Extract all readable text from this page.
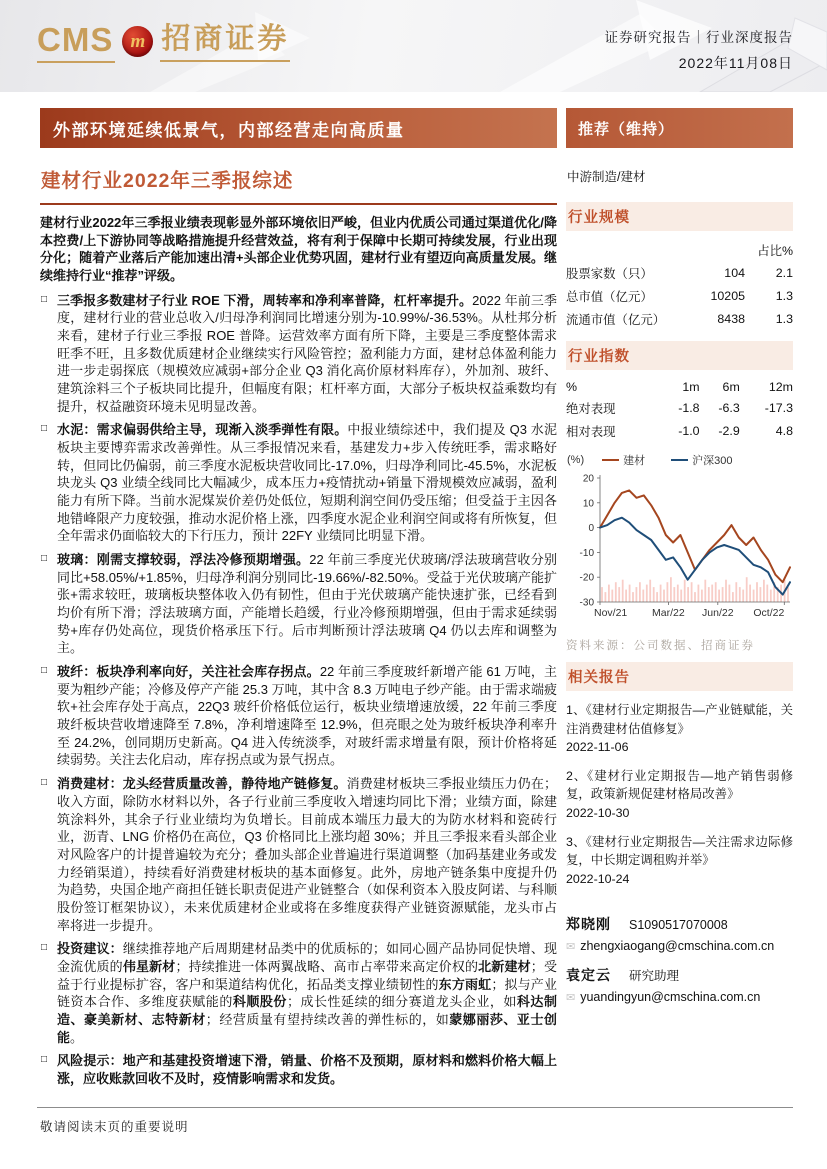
CMS m 招商证券	证券研究报告｜行业深度报告
2022年11月08日
外部环境延续低景气，内部经营走向高质量
建材行业2022年三季报综述

建材行业2022年三季报业绩表现彰显外部环境依旧严峻，但业内优质公司通过渠道优化/降本控费/上下游协同等战略措施提升经营效益，将有利于保障中长期可持续发展，行业出现分化；随着产业落后产能加速出清+头部企业优势巩固，建材行业有望迈向高质量发展。继续维持行业“推荐”评级。

□ 三季报多数建材子行业 ROE 下滑，周转率和净利率普降，杠杆率提升。2022 年前三季度，建材行业的营业总收入/归母净利润同比增速分别为-10.99%/-36.53%。从杜邦分析来看，建材子行业三季报 ROE 普降。运营效率方面有所下降，主要是三季度整体需求旺季不旺，且多数优质建材企业继续实行风险管控；盈利能力方面，建材总体盈利能力进一步走弱探底（规模效应减弱+部分企业 Q3 消化高价原材料库存），外加剂、玻纤、建筑涂料三个子板块同比提升，但幅度有限；杠杆率方面，大部分子板块权益乘数均有提升，权益融资环境未见明显改善。
□ 水泥：需求偏弱供给主导，现渐入淡季弹性有限。中报业绩综述中，我们提及 Q3 水泥板块主要博弈需求改善弹性。从三季报情况来看，基建发力+步入传统旺季，需求略好转，但同比仍偏弱，前三季度水泥板块营收同比-17.0%，归母净利同比-45.5%，水泥板块龙头 Q3 业绩全线同比大幅减少，成本压力+疫情扰动+销量下滑规模效应减弱，盈利能力有所下降。当前水泥煤炭价差仍处低位，短期利润空间仍受压缩；但受益于主因各地错峰限产力度较强，推动水泥价格上涨，四季度水泥企业利润空间或将有所恢复，但全年需求仍面临较大的下行压力，预计 22FY 业绩同比明显下滑。
□ 玻璃：刚需支撑较弱，浮法冷修预期增强。22 年前三季度光伏玻璃/浮法玻璃营收分别同比+58.05%/+1.85%，归母净利润分别同比-19.66%/-82.50%。受益于光伏玻璃产能扩张+需求较旺，玻璃板块整体收入仍有韧性，但由于光伏玻璃产能快速扩张，已经看到均价有所下滑；浮法玻璃方面，产能增长趋缓，行业冷修预期增强，但由于需求延续弱势+库存仍处高位，现货价格承压下行。后市判断预计浮法玻璃 Q4 仍以去库和调整为主。
□ 玻纤：板块净利率向好，关注社会库存拐点。22 年前三季度玻纤新增产能 61 万吨，主要为粗纱产能；冷修及停产产能 25.3 万吨，其中含 8.3 万吨电子纱产能。由于需求端疲软+社会库存处于高点，22Q3 玻纤价格低位运行，板块业绩增速放缓，22 年前三季度玻纤板块营收增速降至 7.8%，净利增速降至 12.9%，但亮眼之处为玻纤板块净利率升至 24.2%，创同期历史新高。Q4 进入传统淡季，对玻纤需求增量有限，预计价格将延续弱势。关注去化启动，库存拐点或为景气拐点。
□ 消费建材：龙头经营质量改善，静待地产链修复。消费建材板块三季报业绩压力仍在；收入方面，除防水材料以外，各子行业前三季度收入增速均同比下滑；业绩方面，除建筑涂料外，其余子行业业绩均为负增长。目前成本端压力最大的为防水材料和瓷砖行业，沥青、LNG 价格仍在高位，Q3 价格同比上涨均超 30%；并且三季报来看头部企业对风险客户的计提普遍较为充分；叠加头部企业普遍进行渠道调整（加码基建业务或发力经销渠道），持续看好消费建材板块的基本面修复。此外，房地产链条集中度提升仍为趋势，央国企地产商担任链长职责促进产业链整合（如保利资本入股皮阿诺、与科顺股份签订框架协议），未来优质建材企业或将在多维度获得产业链资源赋能，龙头市占率将进一步提升。
□ 投资建议：继续推荐地产后周期建材品类中的优质标的；如同心圆产品协同促快增、现金流优质的伟星新材；持续推进一体两翼战略、高市占率带来高定价权的北新建材；受益于行业提标扩容，客户和渠道结构优化，拓品类支撑业绩韧性的东方雨虹；拟与产业链资本合作、多维度获赋能的科顺股份；成长性延续的细分赛道龙头企业，如科达制造、豪美新材、志特新材；经营质量有望持续改善的弹性标的，如蒙娜丽莎、亚士创能。
□ 风险提示：地产和基建投资增速下滑，销量、价格不及预期，原材料和燃料价格大幅上涨，应收账款回收不及时，疫情影响需求和发货。
推荐（维持）
中游制造/建材
行业规模
		占比%
股票家数（只）	104	2.1
总市值（亿元）	10205	1.3
流通市值（亿元）	8438	1.3
行业指数
%	1m	6m	12m
绝对表现	-1.8	-6.3	-17.3
相对表现	-1.0	-2.9	4.8
(%)	建材	沪深300
20
10
0
-10
-20
-30
Nov/21 Mar/22 Jun/22 Oct/22
资料来源：公司数据、招商证券
相关报告

1、《建材行业定期报告—产业链赋能，关注消费建材估值修复》
2022-11-06

2、《建材行业定期报告—地产销售弱修复，政策新规促建材格局改善》
2022-10-30

3、《建材行业定期报告—关注需求边际修复，中长期定调租购并举》
2022-10-24

郑晓刚 S1090517070008
✉ zhengxiaogang@cmschina.com.cn
袁定云 研究助理
✉ yuandingyun@cmschina.com.cn
敬请阅读末页的重要说明
